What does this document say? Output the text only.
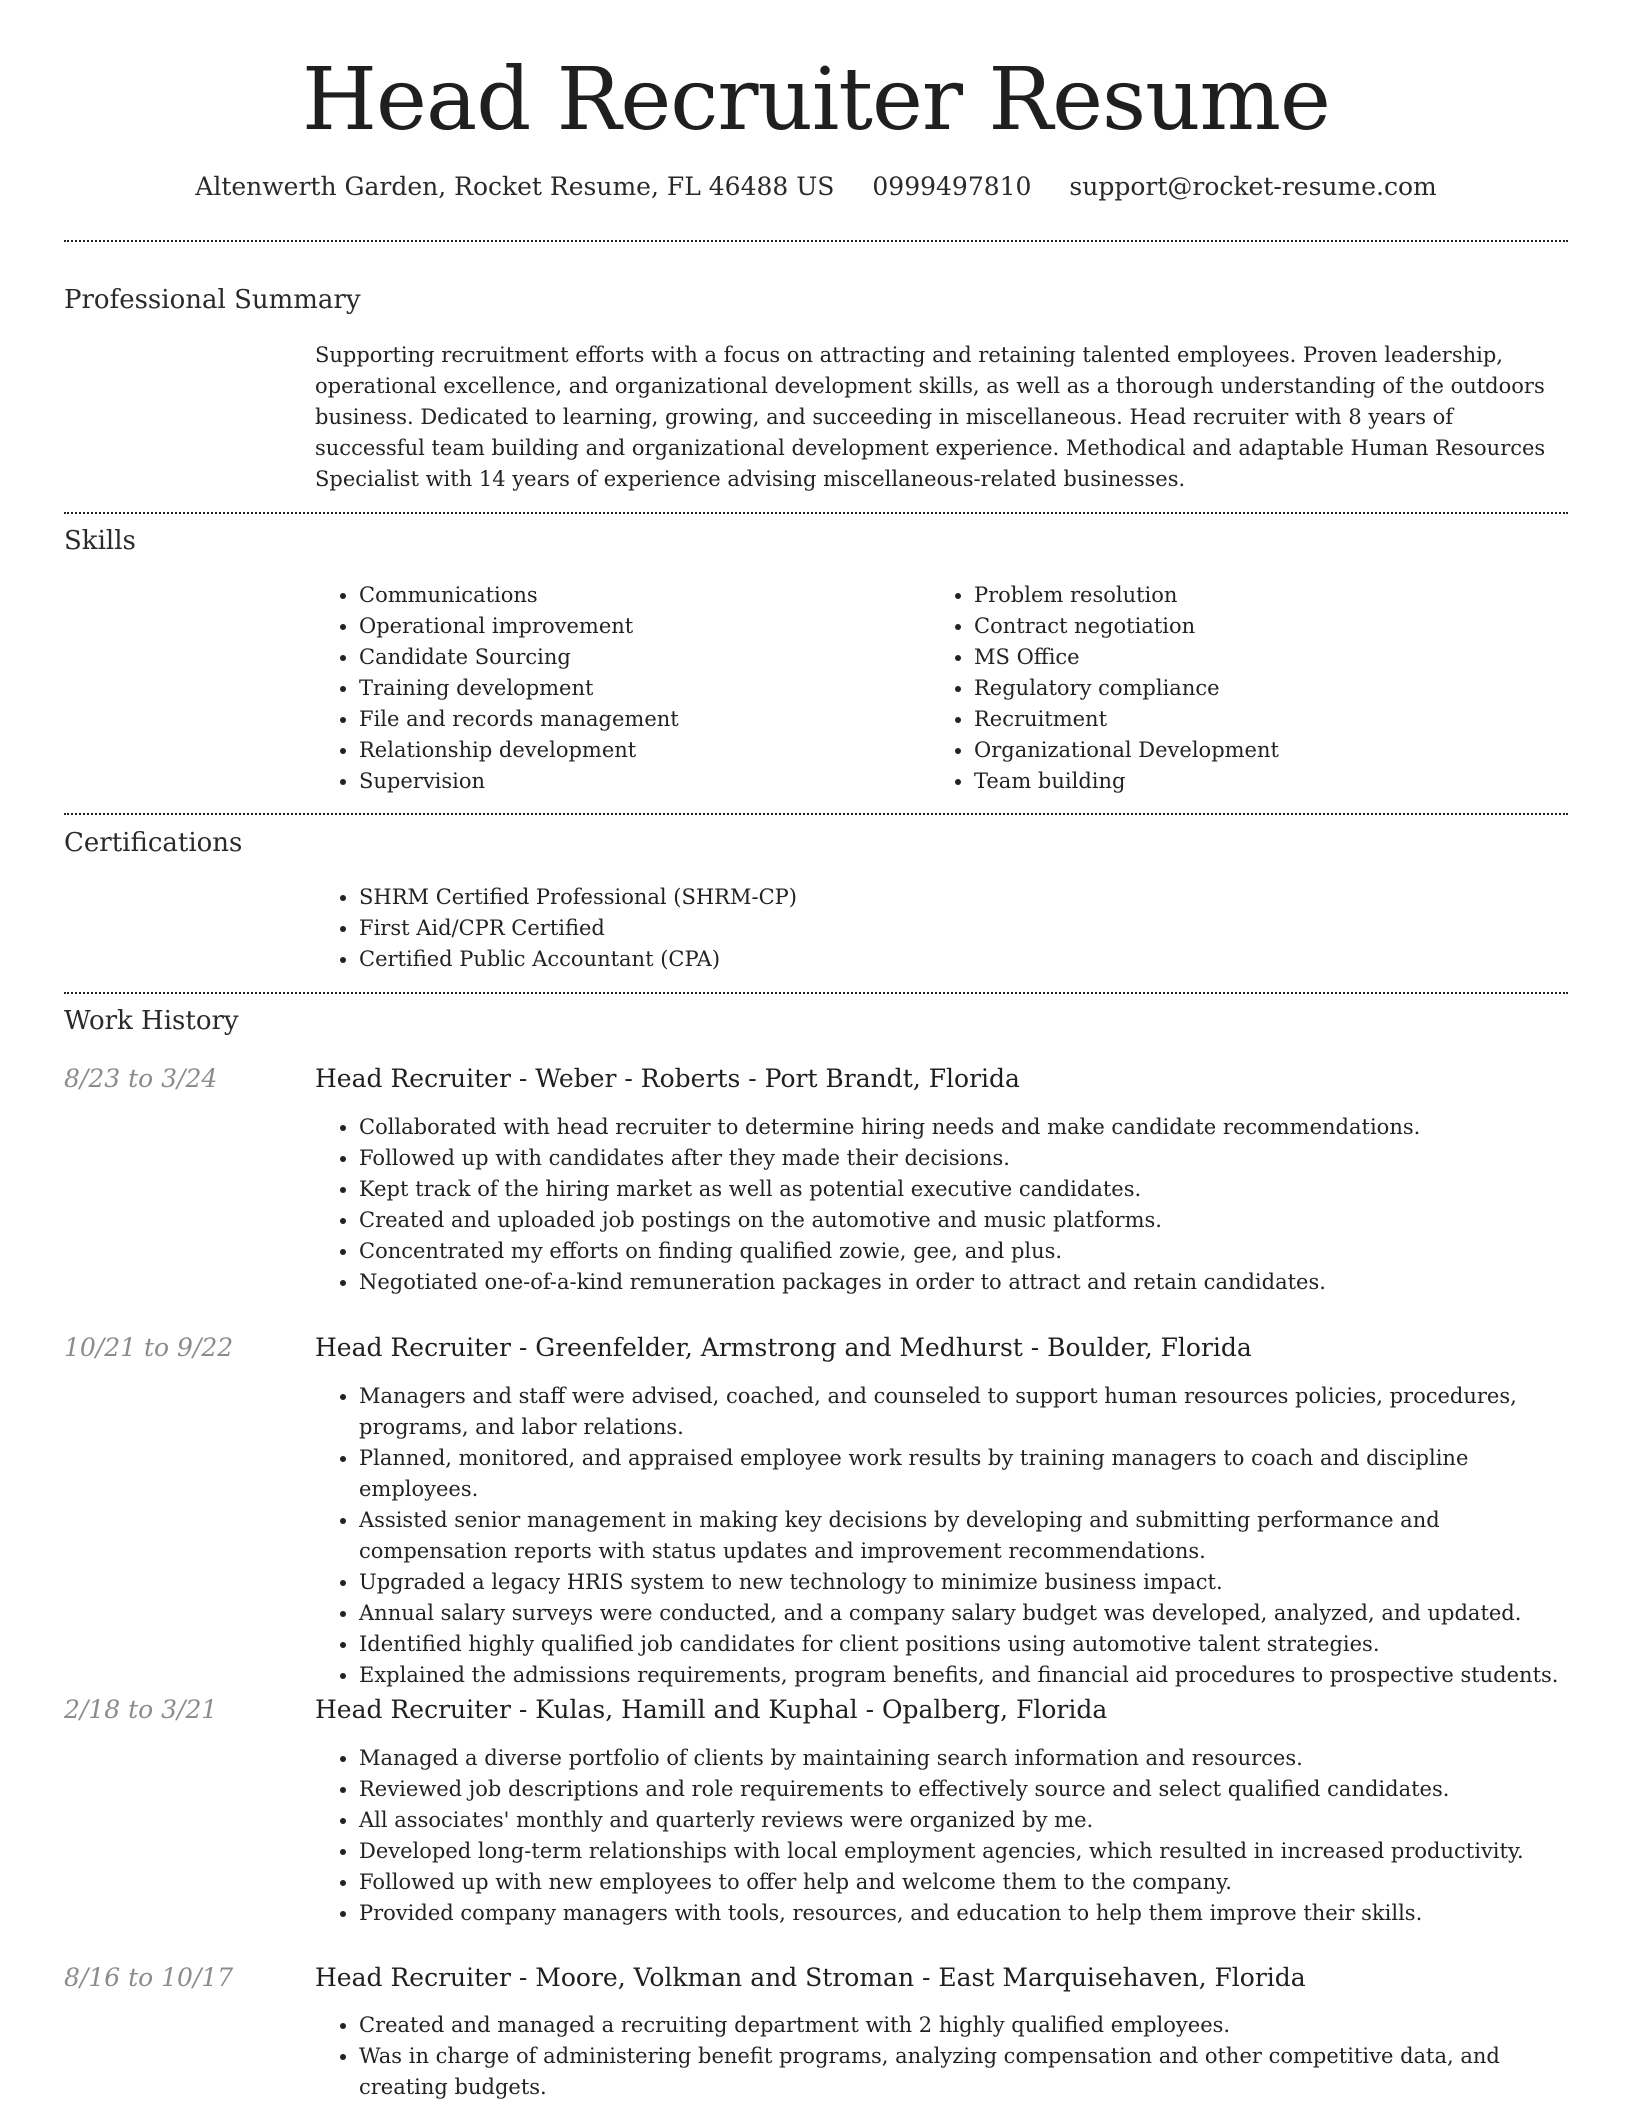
Head Recruiter Resume
Altenwerth Garden, Rocket Resume, FL 46488 US 0999497810 support@rocket-resume.com
Professional Summary

Supporting recruitment efforts with a focus on attracting and retaining talented employees. Proven leadership, operational excellence, and organizational development skills, as well as a thorough understanding of the outdoors business. Dedicated to learning, growing, and succeeding in miscellaneous. Head recruiter with 8 years of successful team building and organizational development experience. Methodical and adaptable Human Resources Specialist with 14 years of experience advising miscellaneous-related businesses.

Skills
• Communications
• Operational improvement
• Candidate Sourcing
• Training development
• File and records management
• Relationship development
• Supervision
• Problem resolution
• Contract negotiation
• MS Office
• Regulatory compliance
• Recruitment
• Organizational Development
• Team building
Certifications
• SHRM Certified Professional (SHRM-CP)
• First Aid/CPR Certified
• Certified Public Accountant (CPA)
Work History
8/23 to 3/24	Head Recruiter - Weber - Roberts - Port Brandt, Florida
• Collaborated with head recruiter to determine hiring needs and make candidate recommendations.
• Followed up with candidates after they made their decisions.
• Kept track of the hiring market as well as potential executive candidates.
• Created and uploaded job postings on the automotive and music platforms.
• Concentrated my efforts on finding qualified zowie, gee, and plus.
• Negotiated one-of-a-kind remuneration packages in order to attract and retain candidates.
10/21 to 9/22	Head Recruiter - Greenfelder, Armstrong and Medhurst - Boulder, Florida
• Managers and staff were advised, coached, and counseled to support human resources policies, procedures, programs, and labor relations.
• Planned, monitored, and appraised employee work results by training managers to coach and discipline employees.
• Assisted senior management in making key decisions by developing and submitting performance and compensation reports with status updates and improvement recommendations.
• Upgraded a legacy HRIS system to new technology to minimize business impact.
• Annual salary surveys were conducted, and a company salary budget was developed, analyzed, and updated.
• Identified highly qualified job candidates for client positions using automotive talent strategies.
• Explained the admissions requirements, program benefits, and financial aid procedures to prospective students.
2/18 to 3/21	Head Recruiter - Kulas, Hamill and Kuphal - Opalberg, Florida
• Managed a diverse portfolio of clients by maintaining search information and resources.
• Reviewed job descriptions and role requirements to effectively source and select qualified candidates.
• All associates' monthly and quarterly reviews were organized by me.
• Developed long-term relationships with local employment agencies, which resulted in increased productivity.
• Followed up with new employees to offer help and welcome them to the company.
• Provided company managers with tools, resources, and education to help them improve their skills.
8/16 to 10/17	Head Recruiter - Moore, Volkman and Stroman - East Marquisehaven, Florida
• Created and managed a recruiting department with 2 highly qualified employees.
• Was in charge of administering benefit programs, analyzing compensation and other competitive data, and creating budgets.
